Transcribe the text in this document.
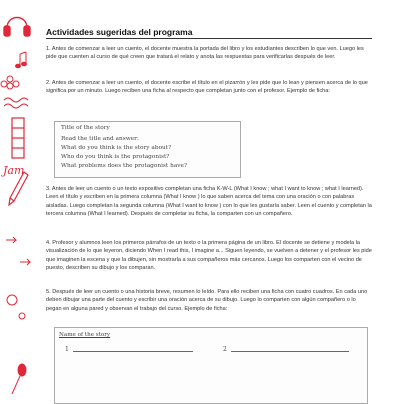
Jam
Actividades sugeridas del programa

1. Antes de comenzar a leer un cuento, el docente muestra la portada del libro y los estudiantes describen lo que ven. Luego les pide que cuenten al curso de qué creen que tratará el relato y anota las respuestas para verificarlas después de leer.

2. Antes de comenzar a leer un cuento, el docente escribe el título en el pizarrón y les pide que lo lean y piensen acerca de lo que significa por un minuto. Luego reciben una ficha al respecto que completan junto con el profesor. Ejemplo de ficha:

Title of the story
Read the title and answer:
What do you think is the story about?
Who do you think is the protagonist?
What problems does the protagonist have?

3. Antes de leer un cuento o un texto expositivo completan una ficha K-W-L (What I know ; what I want to know ; what I learned). Leen el título y escriben en la primera columna (What I know ) lo que saben acerca del tema con una oración o con palabras aisladas. Luego completan la segunda columna (What I want to know ) con lo que les gustaría saber. Leen el cuento y completan la tercera columna (What I learned). Después de completar su ficha, la comparten con un compañero.

4. Profesor y alumnos leen los primeros párrafos de un texto o la primera página de un libro. El docente se detiene y modela la visualización de lo que leyeron, diciendo When I read this, I imagine a... Siguen leyendo, se vuelven a detener y el profesor les pide que imaginen la escena y que la dibujen, sin mostrarla a sus compañeros más cercanos. Luego los comparten con el vecino de puesto, describen su dibujo y los comparan.

5. Después de leer un cuento o una historia breve, resumen lo leído. Para ello reciben una ficha con cuatro cuadros. En cada uno deben dibujar una parte del cuento y escribir una oración acerca de su dibujo. Luego lo comparten con algún compañero o lo pegan en alguna pared y observan el trabajo del curso. Ejemplo de ficha:

Name of the story
1	2
